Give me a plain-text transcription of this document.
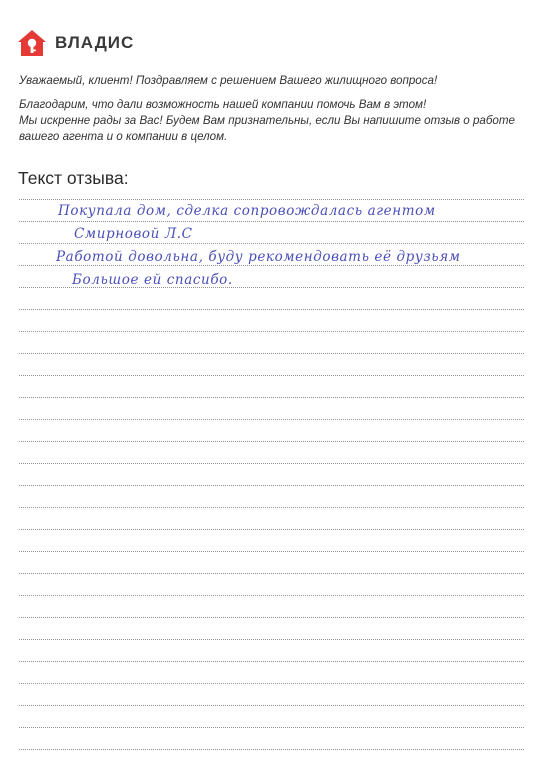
ВЛАДИС

Уважаемый, клиент! Поздравляем с решением Вашего жилищного вопроса!

Благодарим, что дали возможность нашей компании помочь Вам в этом!

Мы искренне рады за Вас! Будем Вам признательны, если Вы напишите отзыв о работе

вашего агента и о компании в целом.

Текст отзыва:
Покупала дом, сделка сопровождалась агентом
Смирновой Л.С
Работой довольна, буду рекомендовать её друзьям
Большое ей спасибо.
